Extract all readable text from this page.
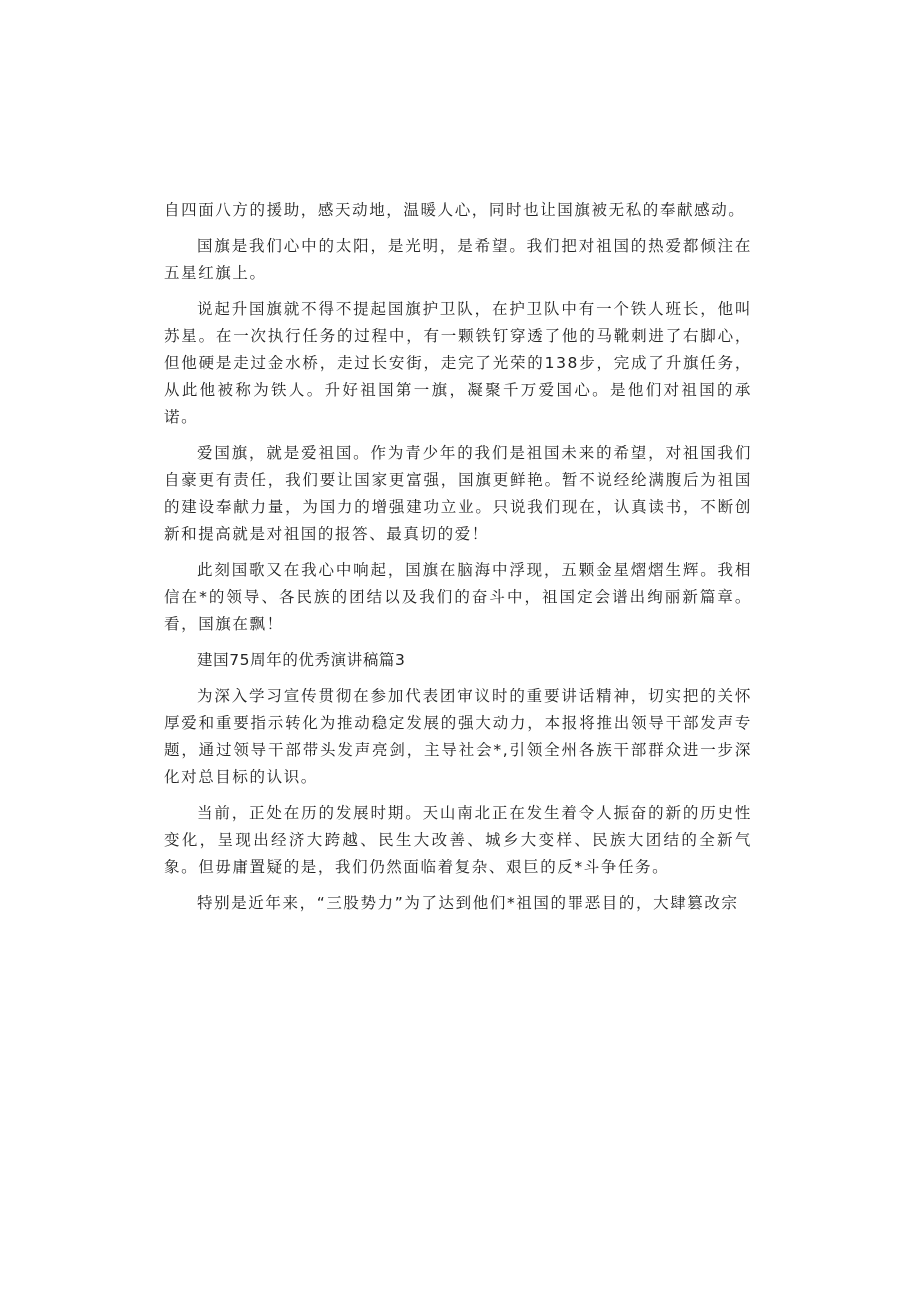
自四面八方的援助，感天动地，温暖人心，同时也让国旗被无私的奉献感动。

国旗是我们心中的太阳，是光明，是希望。我们把对祖国的热爱都倾注在五星红旗上。

说起升国旗就不得不提起国旗护卫队，在护卫队中有一个铁人班长，他叫苏星。在一次执行任务的过程中，有一颗铁钉穿透了他的马靴刺进了右脚心，但他硬是走过金水桥，走过长安街，走完了光荣的138步，完成了升旗任务，从此他被称为铁人。升好祖国第一旗，凝聚千万爱国心。是他们对祖国的承诺。

爱国旗，就是爱祖国。作为青少年的我们是祖国未来的希望，对祖国我们自豪更有责任，我们要让国家更富强，国旗更鲜艳。暂不说经纶满腹后为祖国的建设奉献力量，为国力的增强建功立业。只说我们现在，认真读书，不断创新和提高就是对祖国的报答、最真切的爱！

此刻国歌又在我心中响起，国旗在脑海中浮现，五颗金星熠熠生辉。我相信在*的领导、各民族的团结以及我们的奋斗中，祖国定会谱出绚丽新篇章。看，国旗在飘！

建国75周年的优秀演讲稿篇3

为深入学习宣传贯彻在参加代表团审议时的重要讲话精神，切实把的关怀厚爱和重要指示转化为推动稳定发展的强大动力，本报将推出领导干部发声专题，通过领导干部带头发声亮剑，主导社会*,引领全州各族干部群众进一步深化对总目标的认识。

当前，正处在历的发展时期。天山南北正在发生着令人振奋的新的历史性变化，呈现出经济大跨越、民生大改善、城乡大变样、民族大团结的全新气象。但毋庸置疑的是，我们仍然面临着复杂、艰巨的反*斗争任务。

特别是近年来，“三股势力”为了达到他们*祖国的罪恶目的，大肆篡改宗
